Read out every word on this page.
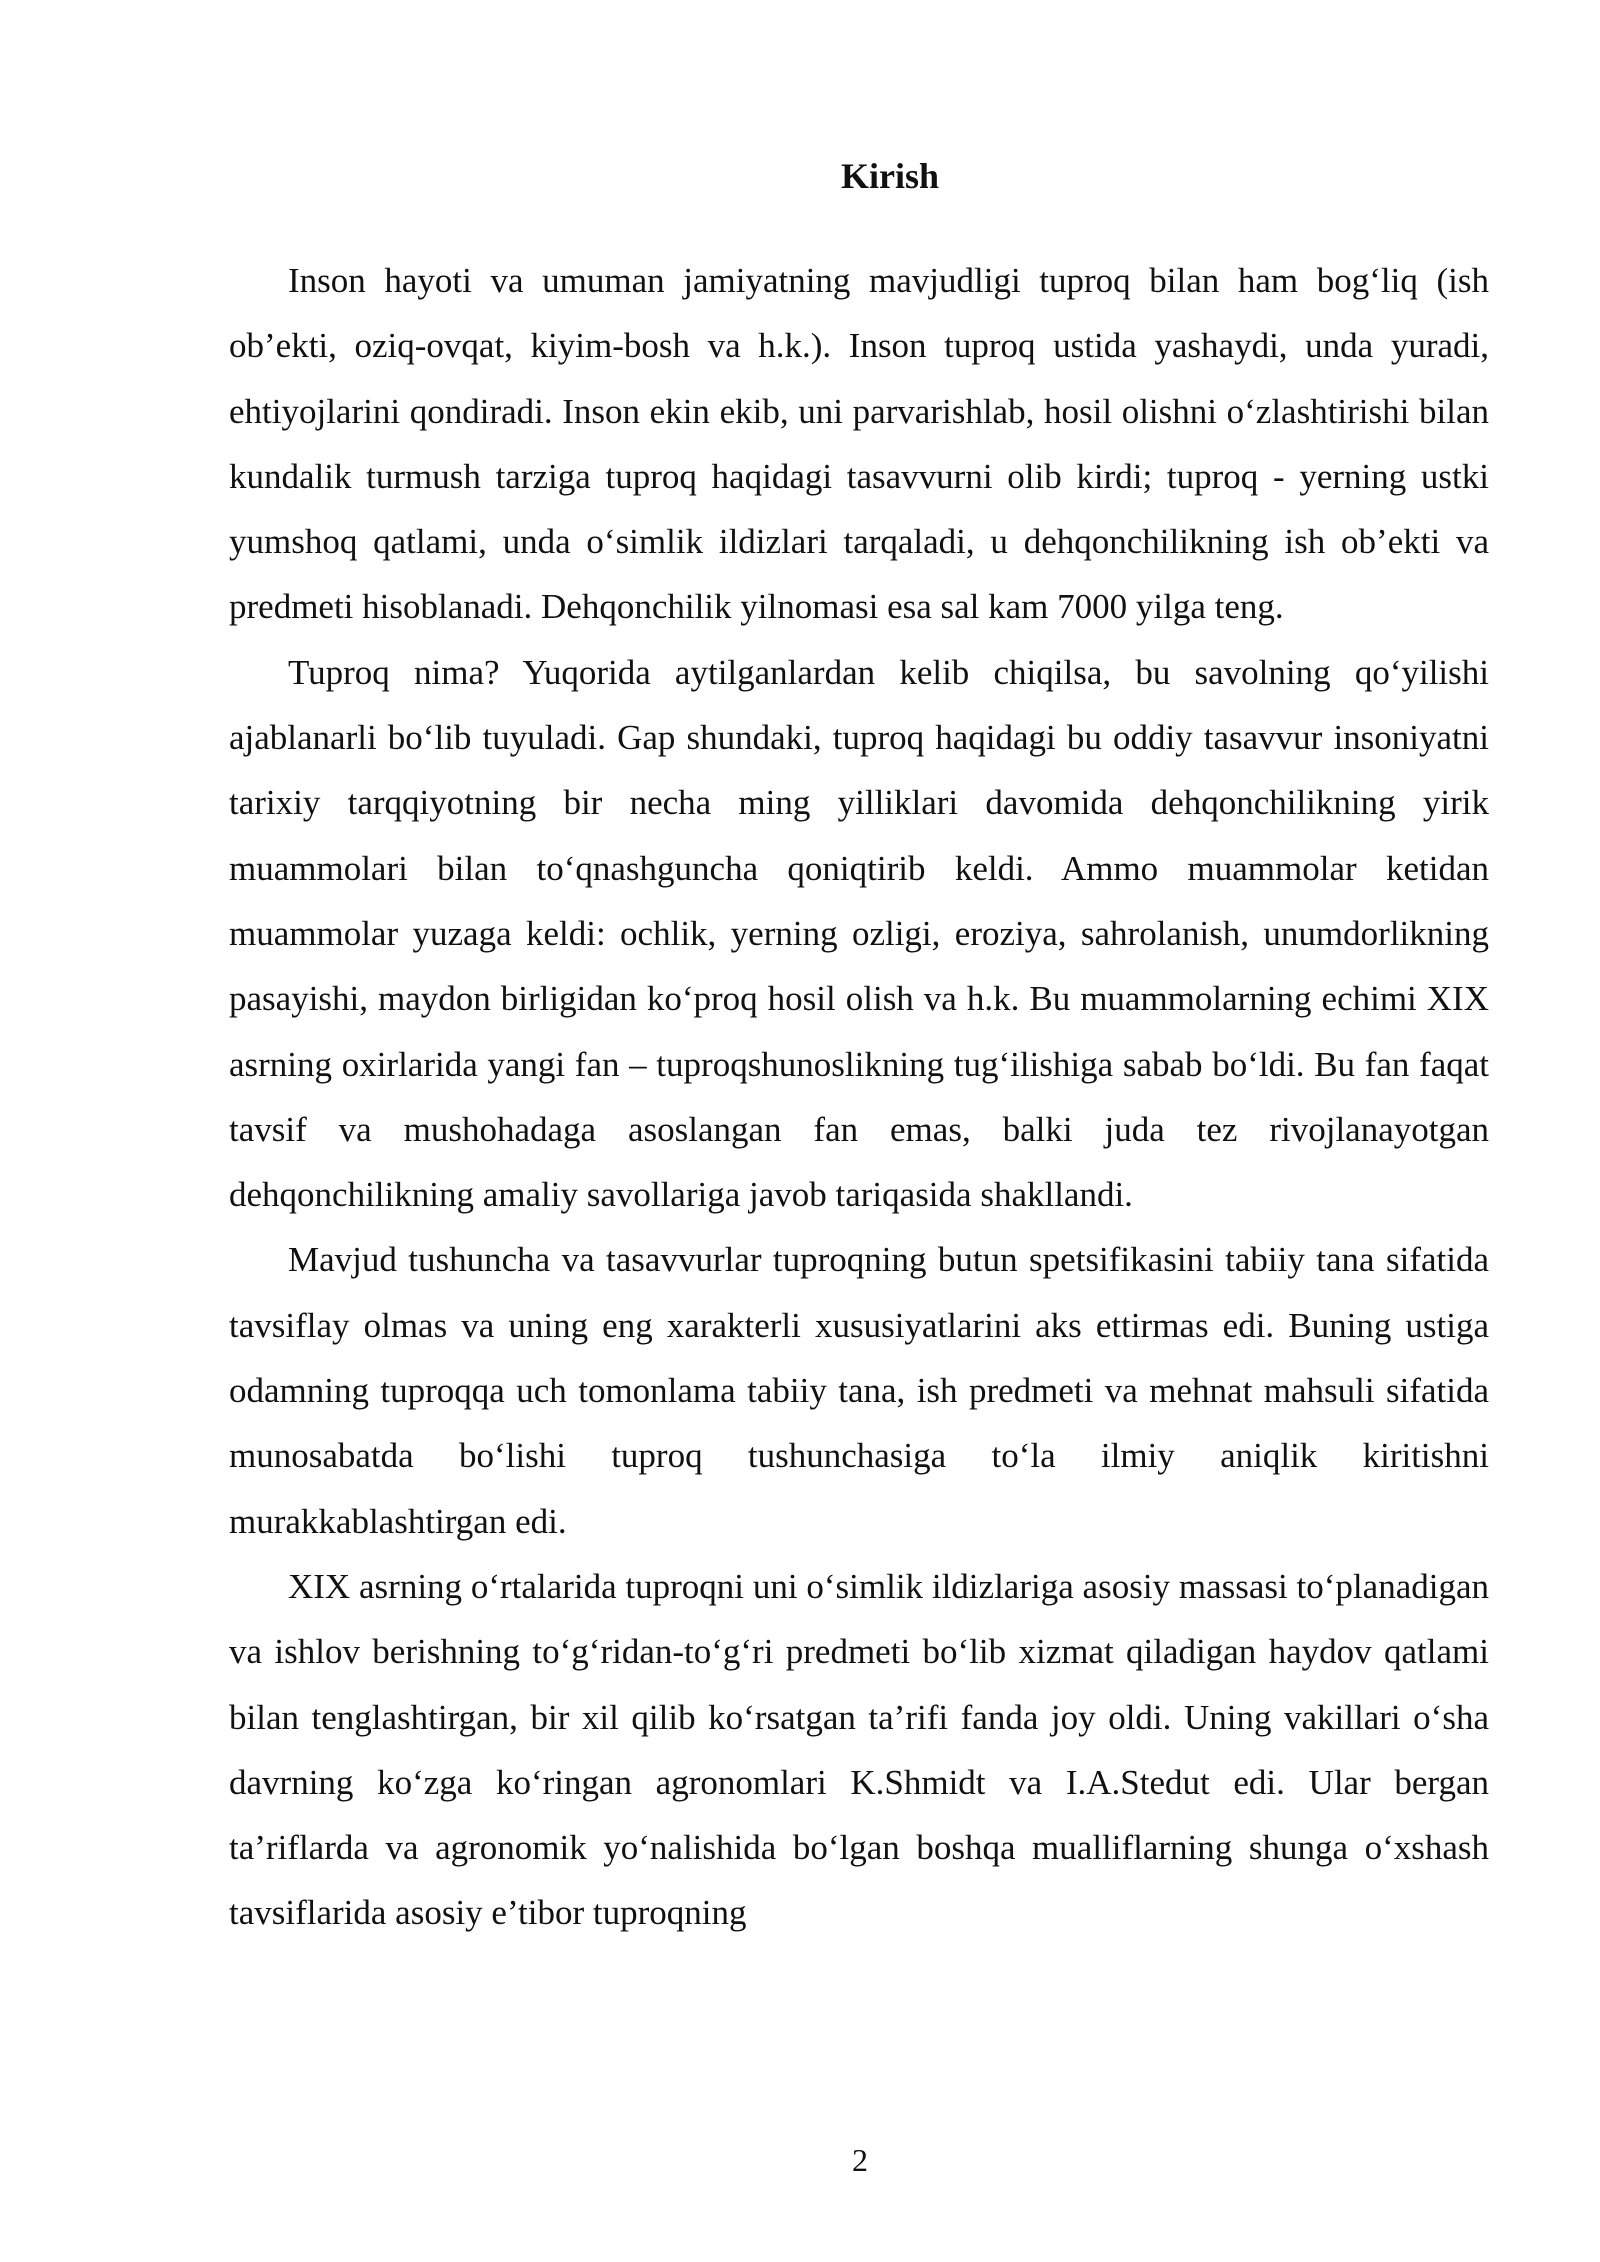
Kirish

Inson hayoti va umuman jamiyatning mavjudligi tuproq bilan ham bog‘liq (ish ob’ekti, oziq-ovqat, kiyim-bosh va h.k.). Inson tuproq ustida yashaydi, unda yuradi, ehtiyojlarini qondiradi. Inson ekin ekib, uni parvarishlab, hosil olishni o‘zlashtirishi bilan kundalik turmush tarziga tuproq haqidagi tasavvurni olib kirdi; tuproq - yerning ustki yumshoq qatlami, unda o‘simlik ildizlari tarqaladi, u dehqonchilikning ish ob’ekti va predmeti hisoblanadi. Dehqonchilik yilnomasi esa sal kam 7000 yilga teng.

Tuproq nima? Yuqorida aytilganlardan kelib chiqilsa, bu savolning qo‘yilishi ajablanarli bo‘lib tuyuladi. Gap shundaki, tuproq haqidagi bu oddiy tasavvur insoniyatni tarixiy tarqqiyotning bir necha ming yilliklari davomida dehqonchilikning yirik muammolari bilan to‘qnashguncha qoniqtirib keldi. Ammo muammolar ketidan muammolar yuzaga keldi: ochlik, yerning ozligi, eroziya, sahrolanish, unumdorlikning pasayishi, maydon birligidan ko‘proq hosil olish va h.k. Bu muammolarning echimi XIX asrning oxirlarida yangi fan – tuproqshunoslikning tug‘ilishiga sabab bo‘ldi. Bu fan faqat tavsif va mushohadaga asoslangan fan emas, balki juda tez rivojlanayotgan dehqonchilikning amaliy savollariga javob tariqasida shakllandi.

Mavjud tushuncha va tasavvurlar tuproqning butun spetsifikasini tabiiy tana sifatida tavsiflay olmas va uning eng xarakterli xususiyatlarini aks ettirmas edi. Buning ustiga odamning tuproqqa uch tomonlama tabiiy tana, ish predmeti va mehnat mahsuli sifatida munosabatda bo‘lishi tuproq tushunchasiga to‘la ilmiy aniqlik kiritishni murakkablashtirgan edi.

XIX asrning o‘rtalarida tuproqni uni o‘simlik ildizlariga asosiy massasi to‘planadigan va ishlov berishning to‘g‘ridan-to‘g‘ri predmeti bo‘lib xizmat qiladigan haydov qatlami bilan tenglashtirgan, bir xil qilib ko‘rsatgan ta’rifi fanda joy oldi. Uning vakillari o‘sha davrning ko‘zga ko‘ringan agronomlari K.Shmidt va I.A.Stedut edi. Ular bergan ta’riflarda va agronomik yo‘nalishida bo‘lgan boshqa mualliflarning shunga o‘xshash tavsiflarida asosiy e’tibor tuproqning

2
